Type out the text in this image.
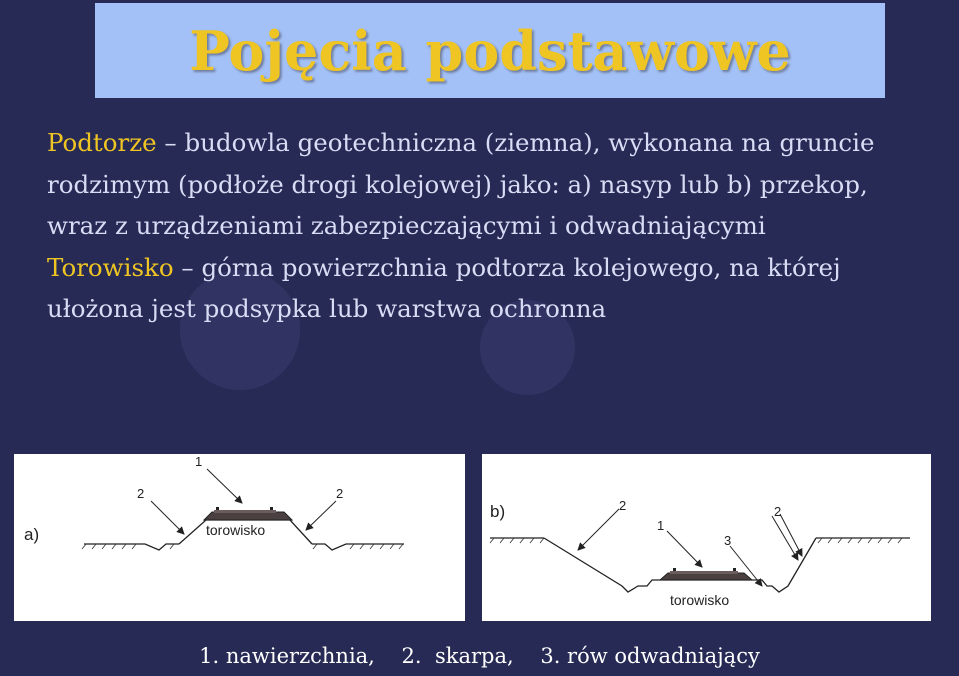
Pojęcia podstawowe

Podtorze – budowla geotechniczna (ziemna), wykonana na gruncie rodzimym (podłoże drogi kolejowej) jako: a) nasyp lub b) przekop, wraz z urządzeniami zabezpieczającymi i odwadniającymi

Torowisko – górna powierzchnia podtorza kolejowego, na której ułożona jest podsypka lub warstwa ochronna

1
2	2
a)	torowisko
b)	2
1
2
3
torowisko
1. nawierzchnia,    2.  skarpa,    3. rów odwadniający
